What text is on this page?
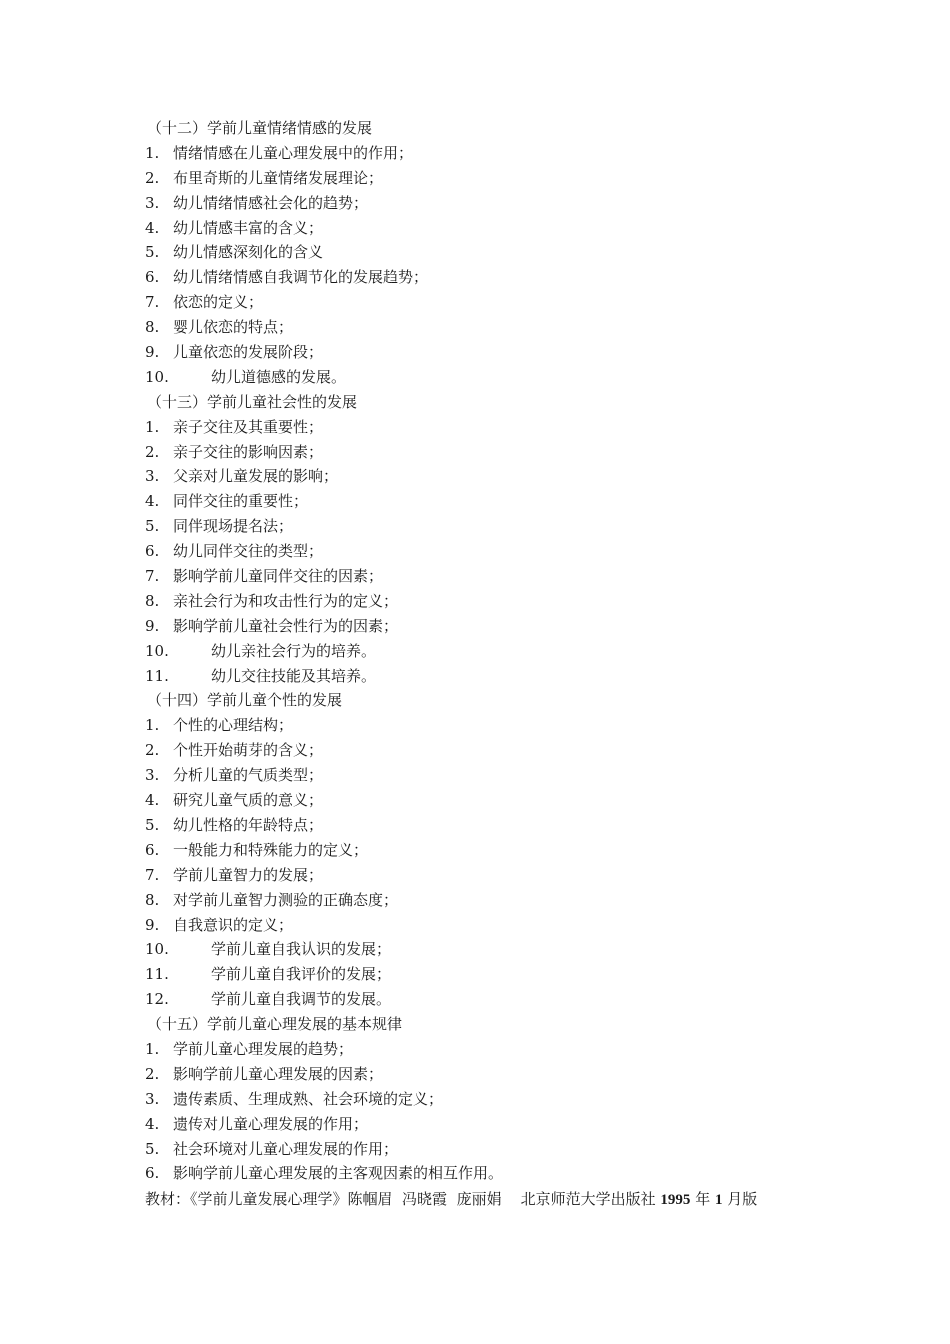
（十二）学前儿童情绪情感的发展
1. 情绪情感在儿童心理发展中的作用；
2. 布里奇斯的儿童情绪发展理论；
3. 幼儿情绪情感社会化的趋势；
4. 幼儿情感丰富的含义；
5. 幼儿情感深刻化的含义
6. 幼儿情绪情感自我调节化的发展趋势；
7. 依恋的定义；
8. 婴儿依恋的特点；
9. 儿童依恋的发展阶段；
10.	幼儿道德感的发展。
（十三）学前儿童社会性的发展
1. 亲子交往及其重要性；
2. 亲子交往的影响因素；
3. 父亲对儿童发展的影响；
4. 同伴交往的重要性；
5. 同伴现场提名法；
6. 幼儿同伴交往的类型；
7. 影响学前儿童同伴交往的因素；
8. 亲社会行为和攻击性行为的定义；
9. 影响学前儿童社会性行为的因素；
10.	幼儿亲社会行为的培养。
11.	幼儿交往技能及其培养。
（十四）学前儿童个性的发展
1. 个性的心理结构；
2. 个性开始萌芽的含义；
3. 分析儿童的气质类型；
4. 研究儿童气质的意义；
5. 幼儿性格的年龄特点；
6. 一般能力和特殊能力的定义；
7. 学前儿童智力的发展；
8. 对学前儿童智力测验的正确态度；
9. 自我意识的定义；
10.	学前儿童自我认识的发展；
11.	学前儿童自我评价的发展；
12.	学前儿童自我调节的发展。
（十五）学前儿童心理发展的基本规律
1. 学前儿童心理发展的趋势；
2. 影响学前儿童心理发展的因素；
3. 遗传素质、生理成熟、社会环境的定义；
4. 遗传对儿童心理发展的作用；
5. 社会环境对儿童心理发展的作用；
6. 影响学前儿童心理发展的主客观因素的相互作用。
教材：《学前儿童发展心理学》陈帼眉  冯晓霞  庞丽娟    北京师范大学出版社 1995 年 1 月版
